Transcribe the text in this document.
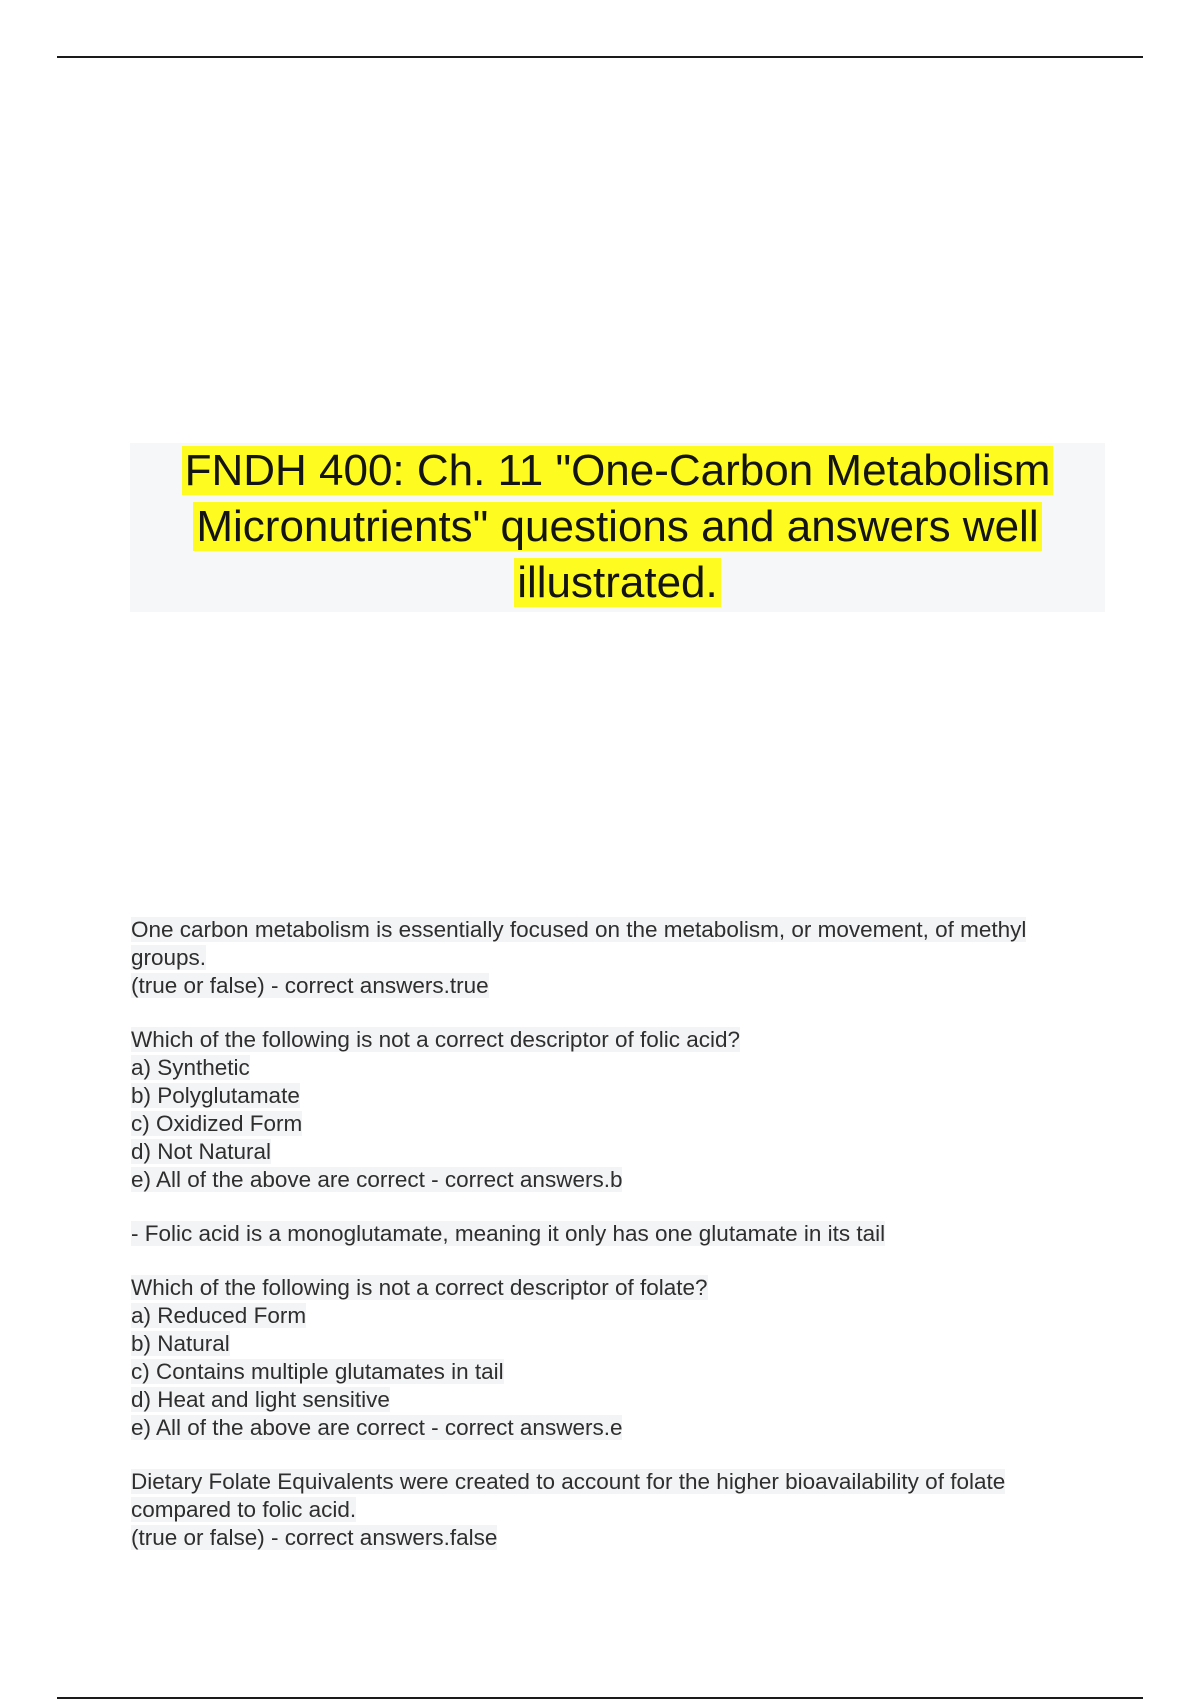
FNDH 400: Ch. 11 "One-Carbon Metabolism
Micronutrients" questions and answers well
illustrated.
One carbon metabolism is essentially focused on the metabolism, or movement, of methyl
groups.
(true or false) - correct answers.true
Which of the following is not a correct descriptor of folic acid?
a) Synthetic
b) Polyglutamate
c) Oxidized Form
d) Not Natural
e) All of the above are correct - correct answers.b
- Folic acid is a monoglutamate, meaning it only has one glutamate in its tail
Which of the following is not a correct descriptor of folate?
a) Reduced Form
b) Natural
c) Contains multiple glutamates in tail
d) Heat and light sensitive
e) All of the above are correct - correct answers.e
Dietary Folate Equivalents were created to account for the higher bioavailability of folate
compared to folic acid.
(true or false) - correct answers.false
